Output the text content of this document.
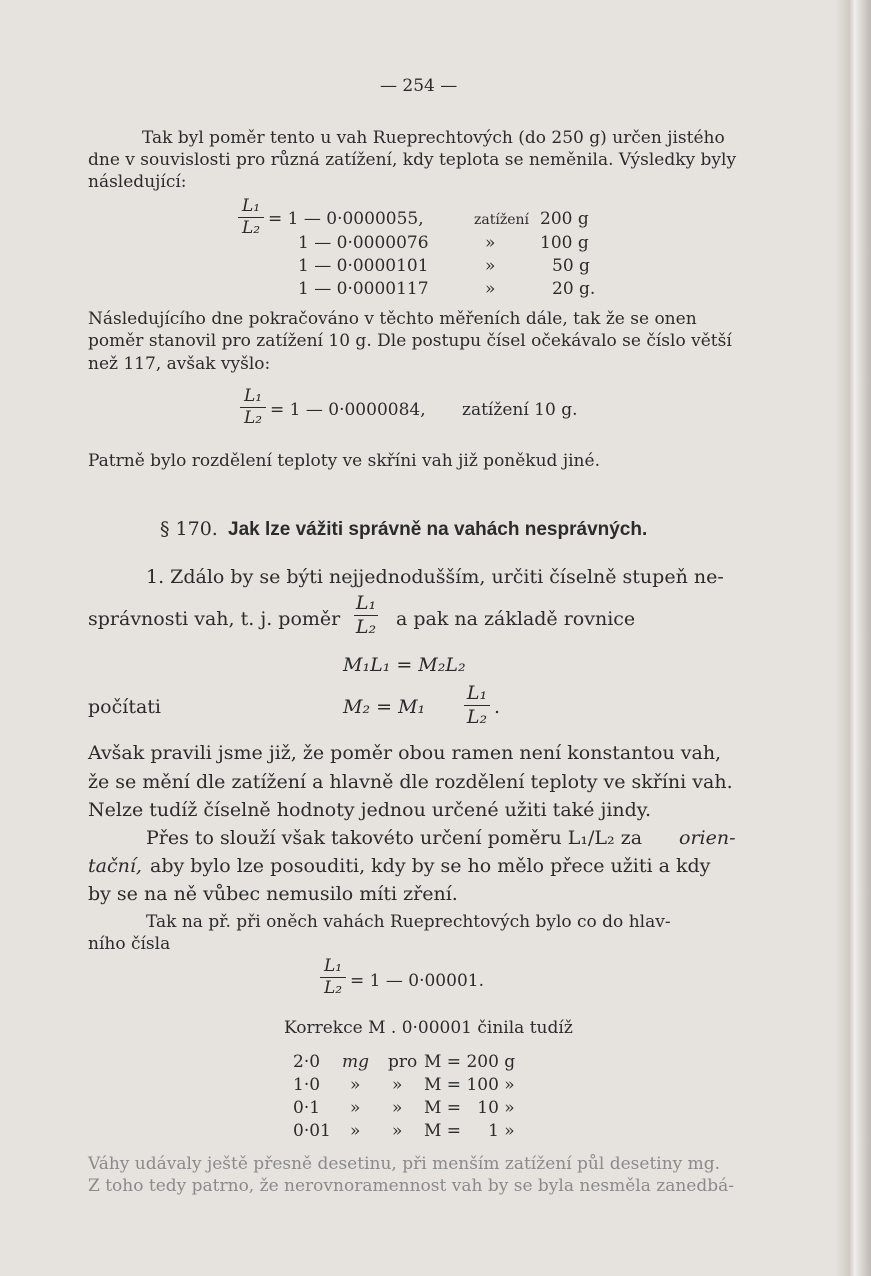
— 254 —
Tak byl poměr tento u vah Rueprechtových (do 250 g) určen jistého
dne v souvislosti pro různá zatížení, kdy teplota se neměnila. Výsledky byly
následující:
L₁
L₂ = 1 — 0·0000055,	zatížení 200 g
1 — 0·0000076	»	100 g
1 — 0·0000101	»	50 g
1 — 0·0000117	»	20 g.
Následujícího dne pokračováno v těchto měřeních dále, tak že se onen
poměr stanovil pro zatížení 10 g. Dle postupu čísel očekávalo se číslo větší
než 117, avšak vyšlo:
L₁
L₂ = 1 — 0·0000084, zatížení 10 g.
Patrně bylo rozdělení teploty ve skříni vah již poněkud jiné.
§ 170. Jak lze vážiti správně na vahách nesprávných.
1. Zdálo by se býti nejjednodušším, určiti číselně stupeň ne-
správnosti vah, t. j. poměr
L₁
L₂ a pak na základě rovnice
M₁L₁ = M₂L₂
počítati	M₂ = M₁
L₁
L₂ .
Avšak pravili jsme již, že poměr obou ramen není konstantou vah,
že se mění dle zatížení a hlavně dle rozdělení teploty ve skříni vah.
Nelze tudíž číselně hodnoty jednou určené užiti také jindy.
Přes to slouží však takovéto určení poměru L₁/L₂ za orien-
tační, aby bylo lze posouditi, kdy by se ho mělo přece užiti a kdy
by se na ně vůbec nemusilo míti zření.
Tak na př. při oněch vahách Rueprechtových bylo co do hlav-
ního čísla
L₁
L₂ = 1 — 0·00001.
Korrekce M . 0·00001 činila tudíž
2·0 mg pro M = 200 g
1·0 » » M = 100 »
0·1 » » M =   10 »
0·01 » » M =     1 »
Váhy udávaly ještě přesně desetinu, při menším zatížení půl desetiny mg.
Z toho tedy patrno, že nerovnoramennost vah by se byla nesměla zanedbá-
